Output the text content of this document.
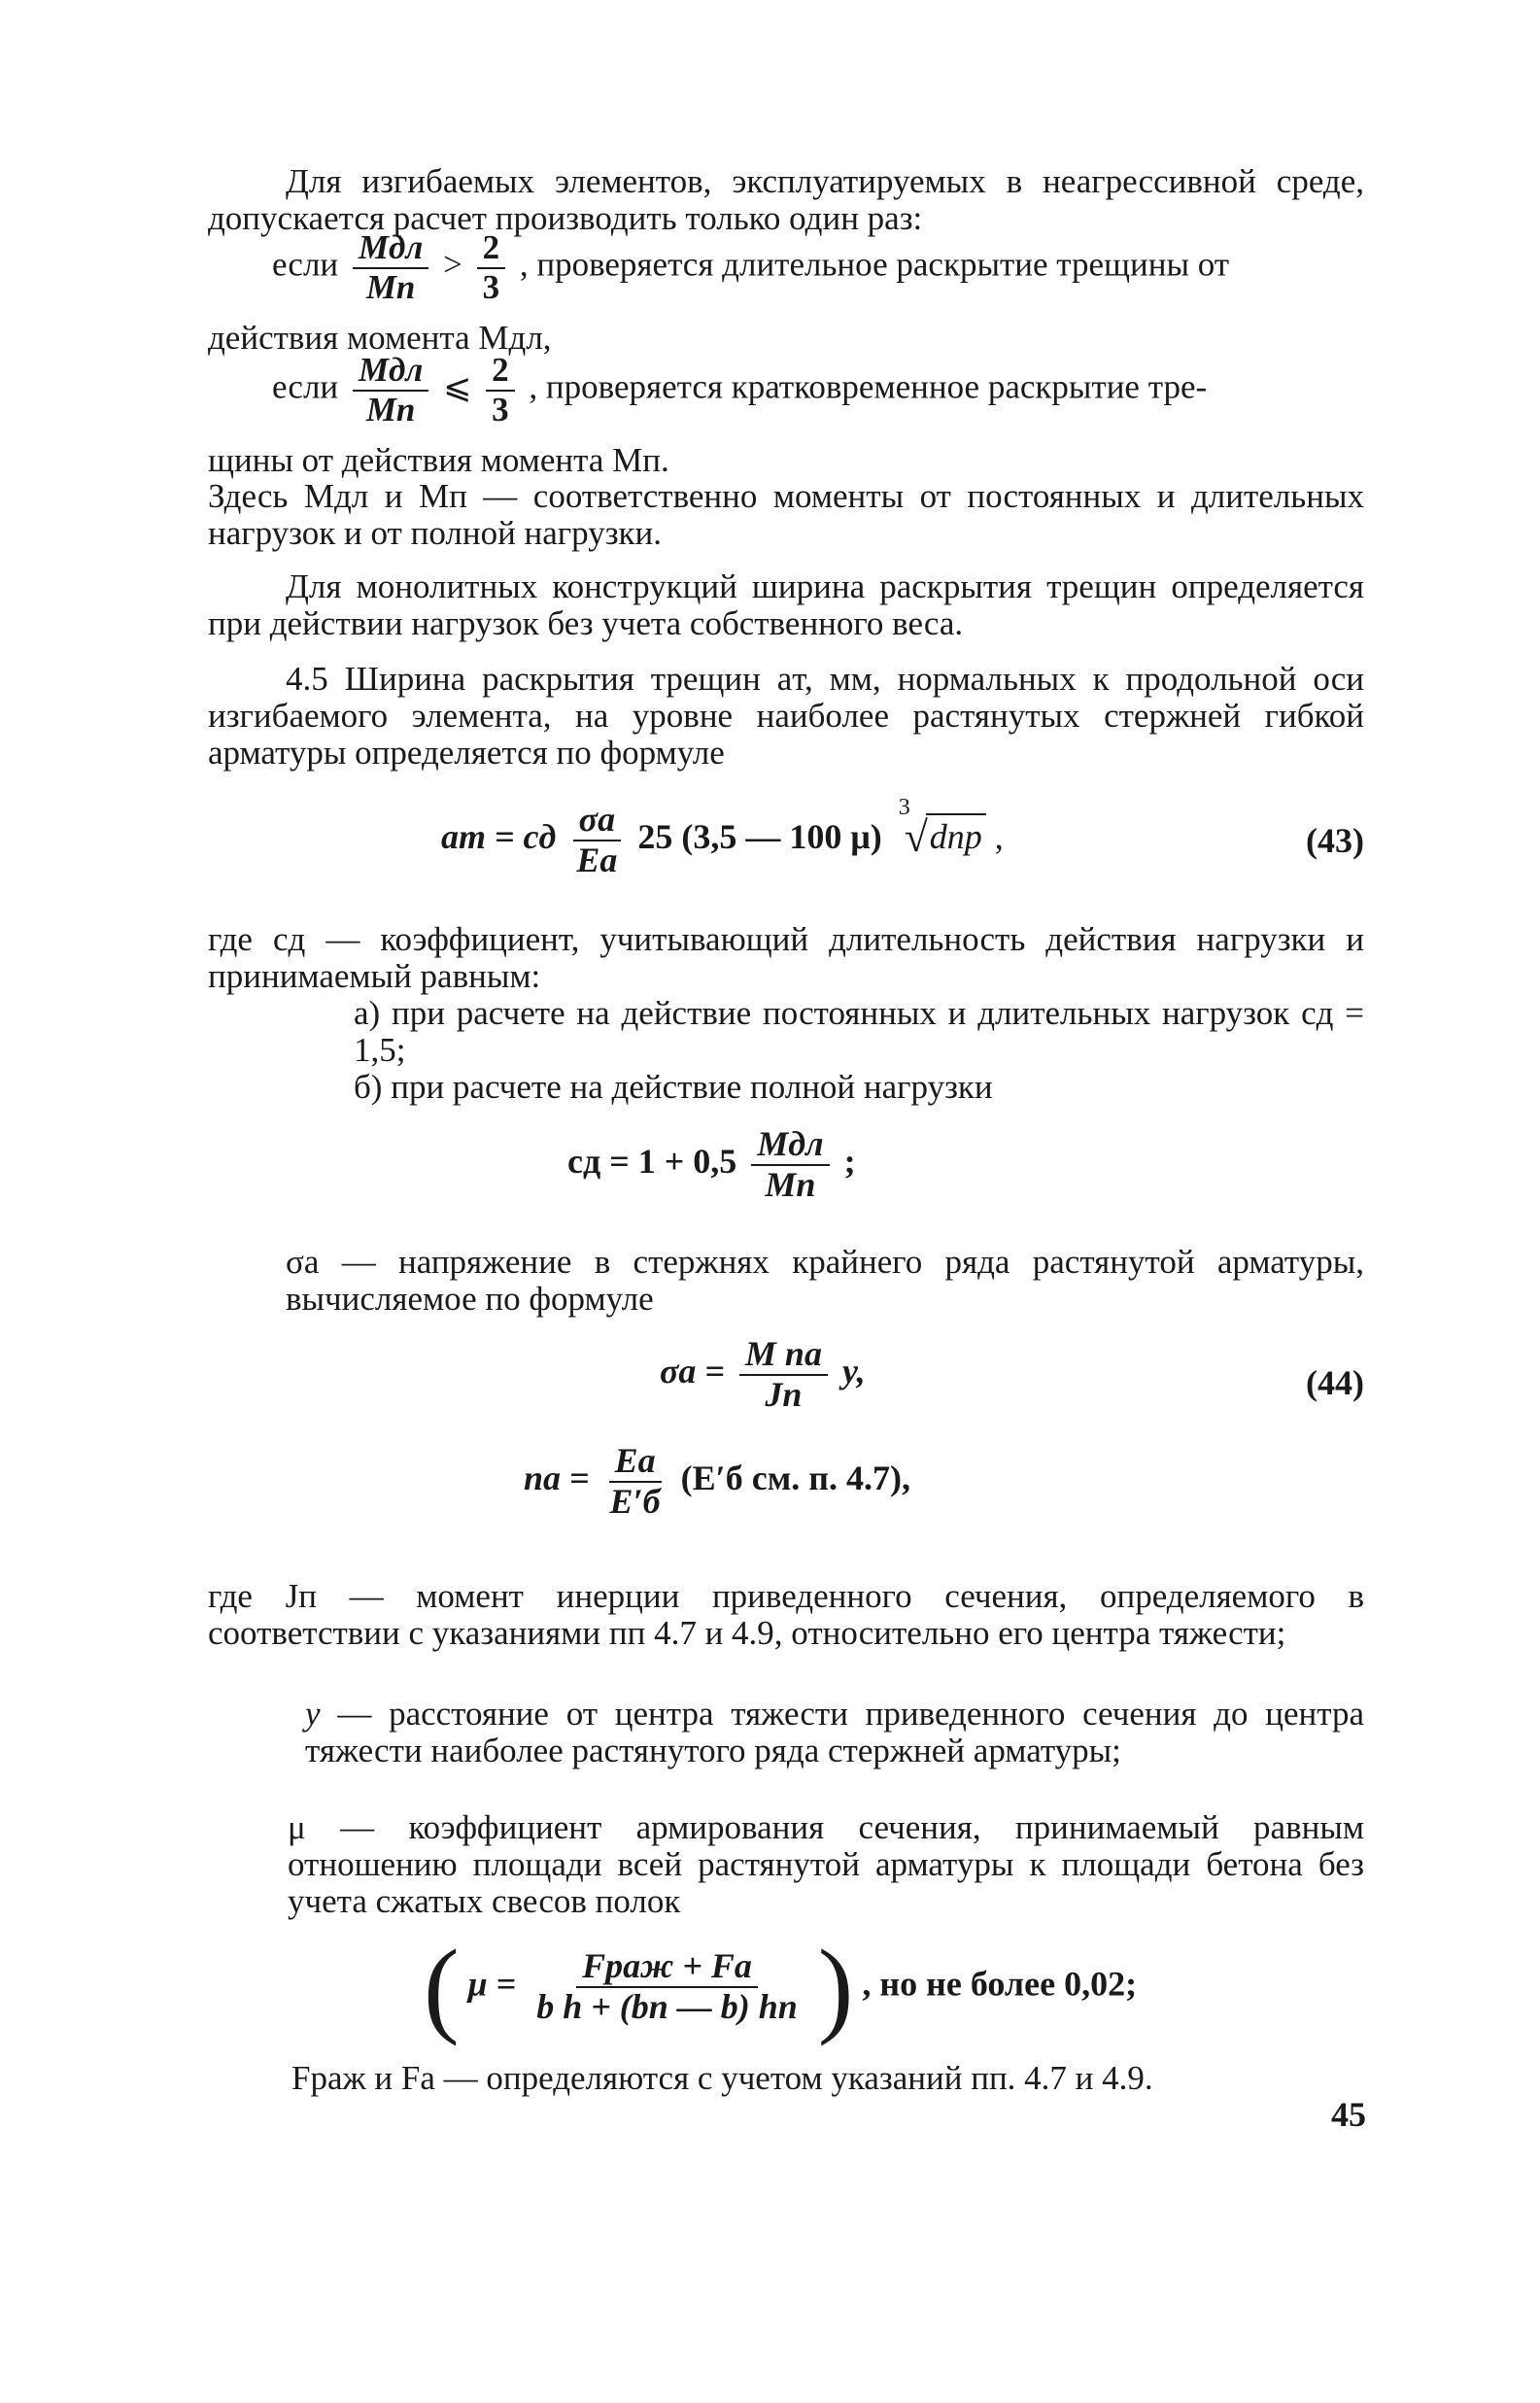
Для изгибаемых элементов, эксплуатируемых в неагрессивной среде, допускается расчет производить только один раз:

если $\frac{\text{Mдл}}{Mп} > \frac{2}{3}$ , проверяется длительное раскрытие трещины от
действия момента Mдл,
если $\frac{\text{Mдл}}{Mп}$ ⩽ $\frac{2}{3}$ , проверяется кратковременное раскрытие тре-
щины от действия момента Mп.

Здесь Mдл и Mп — соответственно моменты от постоянных и длительных нагрузок и от полной нагрузки.

Для монолитных конструкций ширина раскрытия трещин определяется при действии нагрузок без учета собственного веса.

4.5 Ширина раскрытия трещин aт, мм, нормальных к продольной оси изгибаемого элемента, на уровне наиболее растянутых стержней гибкой арматуры определяется по формуле

aт = cд $\frac{\sigma а}{Eа} 25$ (3,5 — 100 μ)
3
√ dпр ,	(43)
где cд — коэффициент, учитывающий длительность действия нагрузки и принимаемый равным:
а) при расчете на действие постоянных и длительных нагрузок cд = 1,5;
б) при расчете на действие полной нагрузки
cд = $1 + 0,5 \frac{\text{Mдл}}{Mп}$ ;
σа — напряжение в стержнях крайнего ряда растянутой арматуры, вычисляемое по формуле
$\sigma а = \frac{\text{M nа}}{Jп} y$,	(44)
nа = $\frac{Eа}{E'б} (E'б$ см. п. 4.7),
где Jп — момент инерции приведенного сечения, определяемого в соответствии с указаниями пп 4.7 и 4.9, относительно его центра тяжести;
y — расстояние от центра тяжести приведенного сечения до центра тяжести наиболее растянутого ряда стержней арматуры;
μ — коэффициент армирования сечения, принимаемый равным отношению площади всей растянутой арматуры к площади бетона без учета сжатых свесов полок
( $\mu = \frac{\text{Fрaж + Fа}}{\text{b h + (bп — b) hп}}$ ) , но не более 0,02;

Fрaж и Fа — определяются с учетом указаний пп. 4.7 и 4.9.

45
